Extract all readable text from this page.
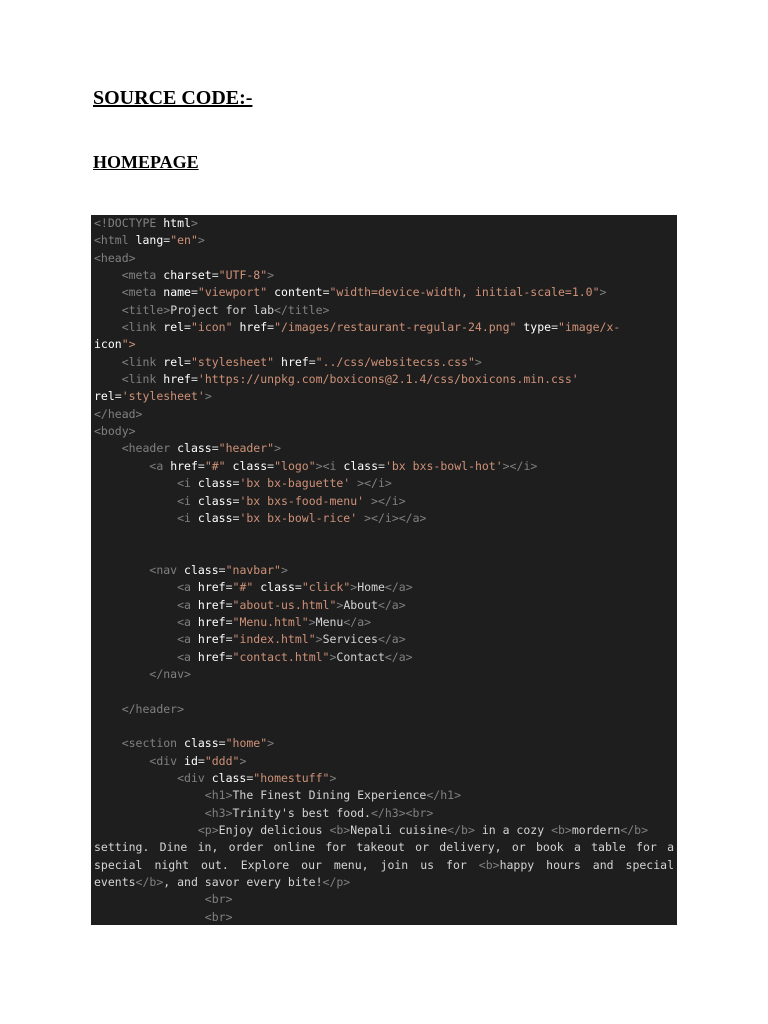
SOURCE CODE:-
HOMEPAGE
<!DOCTYPE html>
<html lang="en">
<head>
<meta charset="UTF-8">
<meta name="viewport" content="width=device-width, initial-scale=1.0">
<title>Project for lab</title>
<link rel="icon" href="/images/restaurant-regular-24.png" type="image/x-
icon">
<link rel="stylesheet" href="../css/websitecss.css">
<link href='https://unpkg.com/boxicons@2.1.4/css/boxicons.min.css'
rel='stylesheet'>
</head>
<body>
<header class="header">
<a href="#" class="logo"><i class='bx bxs-bowl-hot'></i>
<i class='bx bx-baguette' ></i>
<i class='bx bxs-food-menu' ></i>
<i class='bx bx-bowl-rice' ></i></a>

<nav class="navbar">
<a href="#" class="click">Home</a>
<a href="about-us.html">About</a>
<a href="Menu.html">Menu</a>
<a href="index.html">Services</a>
<a href="contact.html">Contact</a>
</nav>

</header>

<section class="home">
<div id="ddd">
<div class="homestuff">
<h1>The Finest Dining Experience</h1>
<h3>Trinity's best food.</h3><br>
<p>Enjoy delicious <b>Nepali cuisine</b> in a cozy <b>mordern</b>
setting. Dine in, order online for takeout or delivery, or book a table for a
special night out. Explore our menu, join us for <b>happy hours and special
events</b>, and savor every bite!</p>
<br>
<br>
